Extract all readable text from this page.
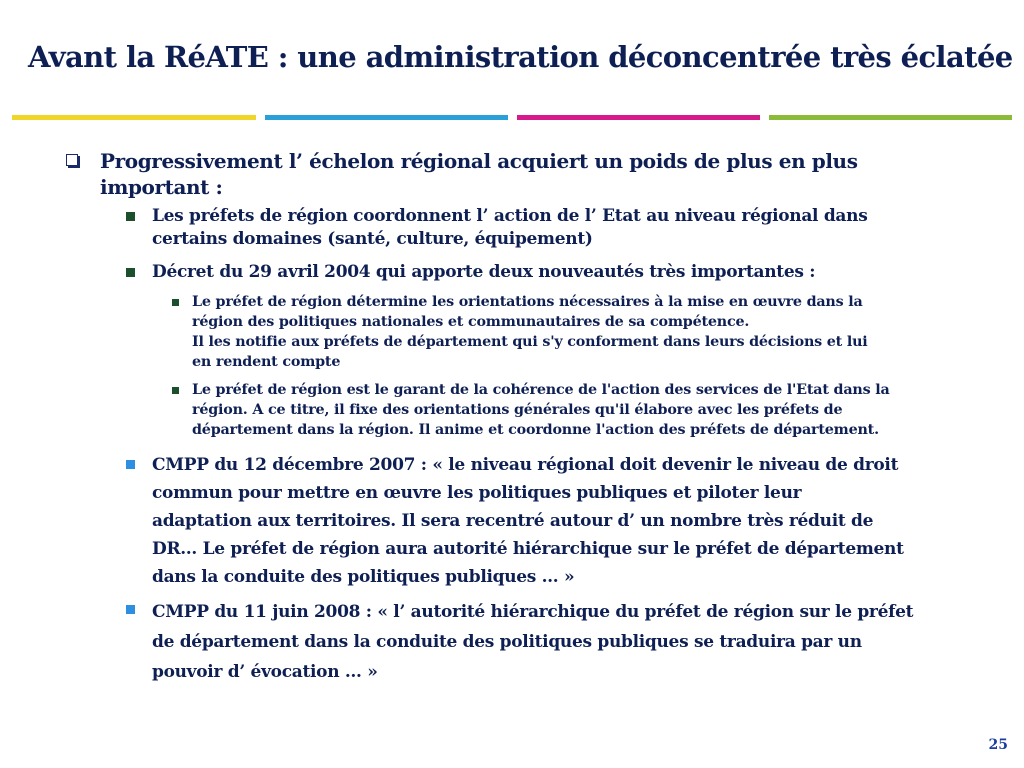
Avant la RéATE : une administration déconcentrée très éclatée
Progressivement l’ échelon régional acquiert un poids de plus en plus
important :
Les préfets de région coordonnent l’ action de l’ Etat au niveau régional dans
certains domaines (santé, culture, équipement)
Décret du 29 avril 2004 qui apporte deux nouveautés très importantes :
Le préfet de région détermine les orientations nécessaires à la mise en œuvre dans la
région des politiques nationales et communautaires de sa compétence.
Il les notifie aux préfets de département qui s'y conforment dans leurs décisions et lui
en rendent compte
Le préfet de région est le garant de la cohérence de l'action des services de l'Etat dans la
région. A ce titre, il fixe des orientations générales qu'il élabore avec les préfets de
département dans la région. Il anime et coordonne l'action des préfets de département.
CMPP du 12 décembre 2007 : « le niveau régional doit devenir le niveau de droit
commun pour mettre en œuvre les politiques publiques et piloter leur
adaptation aux territoires. Il sera recentré autour d’ un nombre très réduit de
DR… Le préfet de région aura autorité hiérarchique sur le préfet de département
dans la conduite des politiques publiques … »
CMPP du 11 juin 2008 : « l’ autorité hiérarchique du préfet de région sur le préfet
de département dans la conduite des politiques publiques se traduira par un
pouvoir d’ évocation … »
25
